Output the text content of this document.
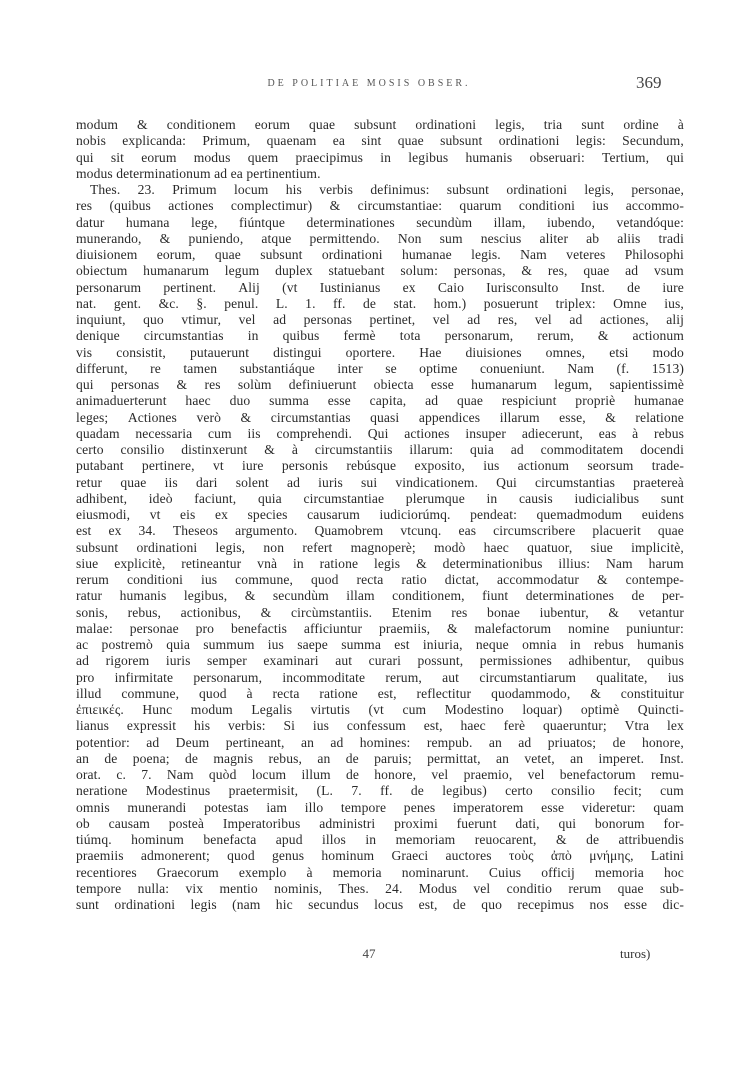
DE POLITIAE MOSIS OBSER.	369
modum & conditionem eorum quae subsunt ordinationi legis, tria sunt ordine à
nobis explicanda: Primum, quaenam ea sint quae subsunt ordinationi legis: Secundum,
qui sit eorum modus quem praecipimus in legibus humanis obseruari: Tertium, qui
modus determinationum ad ea pertinentium.
Thes. 23. Primum locum his verbis definimus: subsunt ordinationi legis, personae,
res (quibus actiones complectimur) & circumstantiae: quarum conditioni ius accommo-
datur humana lege, fiúntque determinationes secundùm illam, iubendo, vetandóque:
munerando, & puniendo, atque permittendo. Non sum nescius aliter ab aliis tradi
diuisionem eorum, quae subsunt ordinationi humanae legis. Nam veteres Philosophi
obiectum humanarum legum duplex statuebant solum: personas, & res, quae ad vsum
personarum pertinent. Alij (vt Iustinianus ex Caio Iurisconsulto Inst. de iure
nat. gent. &c. §. penul. L. 1. ff. de stat. hom.) posuerunt triplex: Omne ius,
inquiunt, quo vtimur, vel ad personas pertinet, vel ad res, vel ad actiones, alij
denique circumstantias in quibus fermè tota personarum, rerum, & actionum
vis consistit, putauerunt distingui oportere. Hae diuisiones omnes, etsi modo
differunt, re tamen substantiáque inter se optime conueniunt. Nam (f. 1513)
qui personas & res solùm definiuerunt obiecta esse humanarum legum, sapientissimè
animaduerterunt haec duo summa esse capita, ad quae respiciunt propriè humanae
leges; Actiones verò & circumstantias quasi appendices illarum esse, & relatione
quadam necessaria cum iis comprehendi. Qui actiones insuper adiecerunt, eas à rebus
certo consilio distinxerunt & à circumstantiis illarum: quia ad commoditatem docendi
putabant pertinere, vt iure personis rebúsque exposito, ius actionum seorsum trade-
retur quae iis dari solent ad iuris sui vindicationem. Qui circumstantias praetereà
adhibent, ideò faciunt, quia circumstantiae plerumque in causis iudicialibus sunt
eiusmodi, vt eis ex species causarum iudiciorúmq. pendeat: quemadmodum euidens
est ex 34. Theseos argumento. Quamobrem vtcunq. eas circumscribere placuerit quae
subsunt ordinationi legis, non refert magnoperè; modò haec quatuor, siue implicitè,
siue explicitè, retineantur vnà in ratione legis & determinationibus illius: Nam harum
rerum conditioni ius commune, quod recta ratio dictat, accommodatur & contempe-
ratur humanis legibus, & secundùm illam conditionem, fiunt determinationes de per-
sonis, rebus, actionibus, & circùmstantiis. Etenim res bonae iubentur, & vetantur
malae: personae pro benefactis afficiuntur praemiis, & malefactorum nomine puniuntur:
ac postremò quia summum ius saepe summa est iniuria, neque omnia in rebus humanis
ad rigorem iuris semper examinari aut curari possunt, permissiones adhibentur, quibus
pro infirmitate personarum, incommoditate rerum, aut circumstantiarum qualitate, ius
illud commune, quod à recta ratione est, reflectitur quodammodo, & constituitur
ἐπιεικές. Hunc modum Legalis virtutis (vt cum Modestino loquar) optimè Quincti-
lianus expressit his verbis: Si ius confessum est, haec ferè quaeruntur; Vtra lex
potentior: ad Deum pertineant, an ad homines: rempub. an ad priuatos; de honore,
an de poena; de magnis rebus, an de paruis; permittat, an vetet, an imperet. Inst.
orat. c. 7. Nam quòd locum illum de honore, vel praemio, vel benefactorum remu-
neratione Modestinus praetermisit, (L. 7. ff. de legibus) certo consilio fecit; cum
omnis munerandi potestas iam illo tempore penes imperatorem esse videretur: quam
ob causam posteà Imperatoribus administri proximi fuerunt dati, qui bonorum for-
tiúmq. hominum benefacta apud illos in memoriam reuocarent, & de attribuendis
praemiis admonerent; quod genus hominum Graeci auctores τοὺς ἀπὸ μνήμης, Latini
recentiores Graecorum exemplo à memoria nominarunt. Cuius officij memoria hoc
tempore nulla: vix mentio nominis, Thes. 24. Modus vel conditio rerum quae sub-
sunt ordinationi legis (nam hic secundus locus est, de quo recepimus nos esse dic-
47	turos)
